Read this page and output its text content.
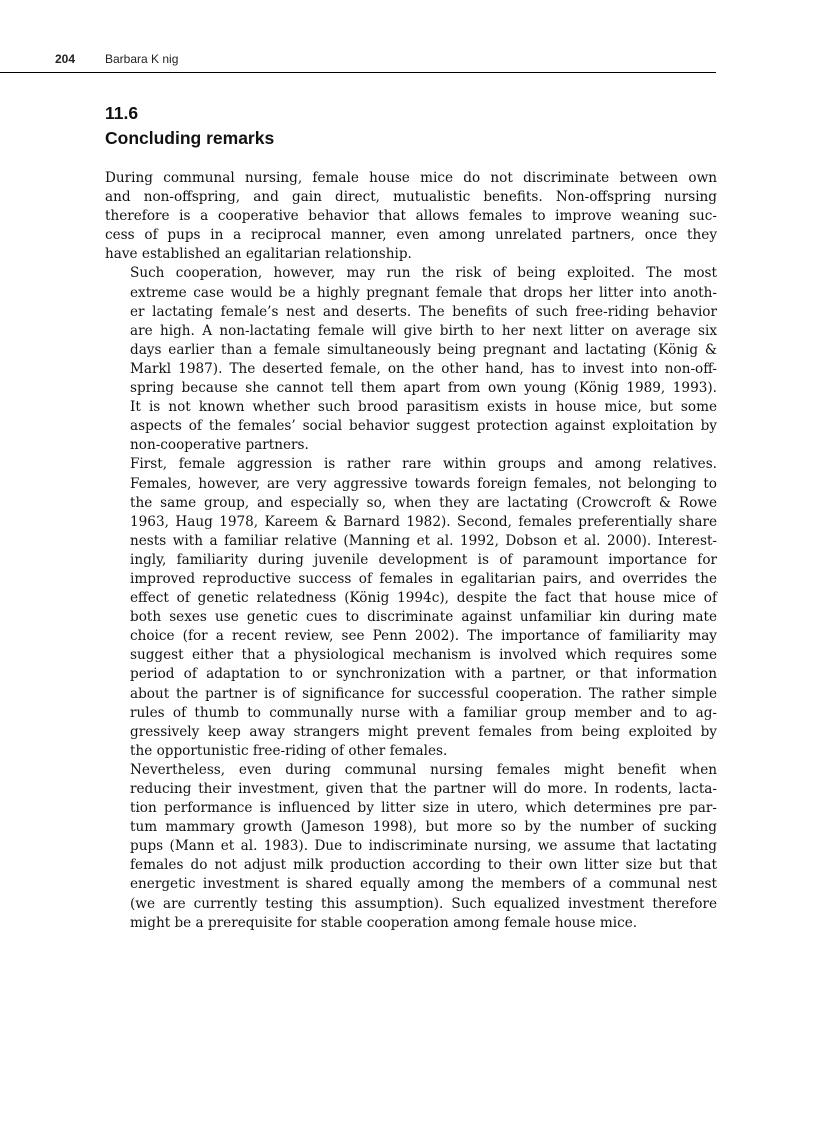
204 Barbara K nig
11.6
Concluding remarks

During communal nursing, female house mice do not discriminate between own
and non-offspring, and gain direct, mutualistic benefits. Non-offspring nursing
therefore is a cooperative behavior that allows females to improve weaning suc-
cess of pups in a reciprocal manner, even among unrelated partners, once they
have established an egalitarian relationship.

Such cooperation, however, may run the risk of being exploited. The most
extreme case would be a highly pregnant female that drops her litter into anoth-
er lactating female’s nest and deserts. The benefits of such free-riding behavior
are high. A non-lactating female will give birth to her next litter on average six
days earlier than a female simultaneously being pregnant and lactating (König &
Markl 1987). The deserted female, on the other hand, has to invest into non-off-
spring because she cannot tell them apart from own young (König 1989, 1993).
It is not known whether such brood parasitism exists in house mice, but some
aspects of the females’ social behavior suggest protection against exploitation by
non-cooperative partners.

First, female aggression is rather rare within groups and among relatives.
Females, however, are very aggressive towards foreign females, not belonging to
the same group, and especially so, when they are lactating (Crowcroft & Rowe
1963, Haug 1978, Kareem & Barnard 1982). Second, females preferentially share
nests with a familiar relative (Manning et al. 1992, Dobson et al. 2000). Interest-
ingly, familiarity during juvenile development is of paramount importance for
improved reproductive success of females in egalitarian pairs, and overrides the
effect of genetic relatedness (König 1994c), despite the fact that house mice of
both sexes use genetic cues to discriminate against unfamiliar kin during mate
choice (for a recent review, see Penn 2002). The importance of familiarity may
suggest either that a physiological mechanism is involved which requires some
period of adaptation to or synchronization with a partner, or that information
about the partner is of significance for successful cooperation. The rather simple
rules of thumb to communally nurse with a familiar group member and to ag-
gressively keep away strangers might prevent females from being exploited by
the opportunistic free-riding of other females.

Nevertheless, even during communal nursing females might benefit when
reducing their investment, given that the partner will do more. In rodents, lacta-
tion performance is influenced by litter size in utero, which determines pre par-
tum mammary growth (Jameson 1998), but more so by the number of sucking
pups (Mann et al. 1983). Due to indiscriminate nursing, we assume that lactating
females do not adjust milk production according to their own litter size but that
energetic investment is shared equally among the members of a communal nest
(we are currently testing this assumption). Such equalized investment therefore
might be a prerequisite for stable cooperation among female house mice.
